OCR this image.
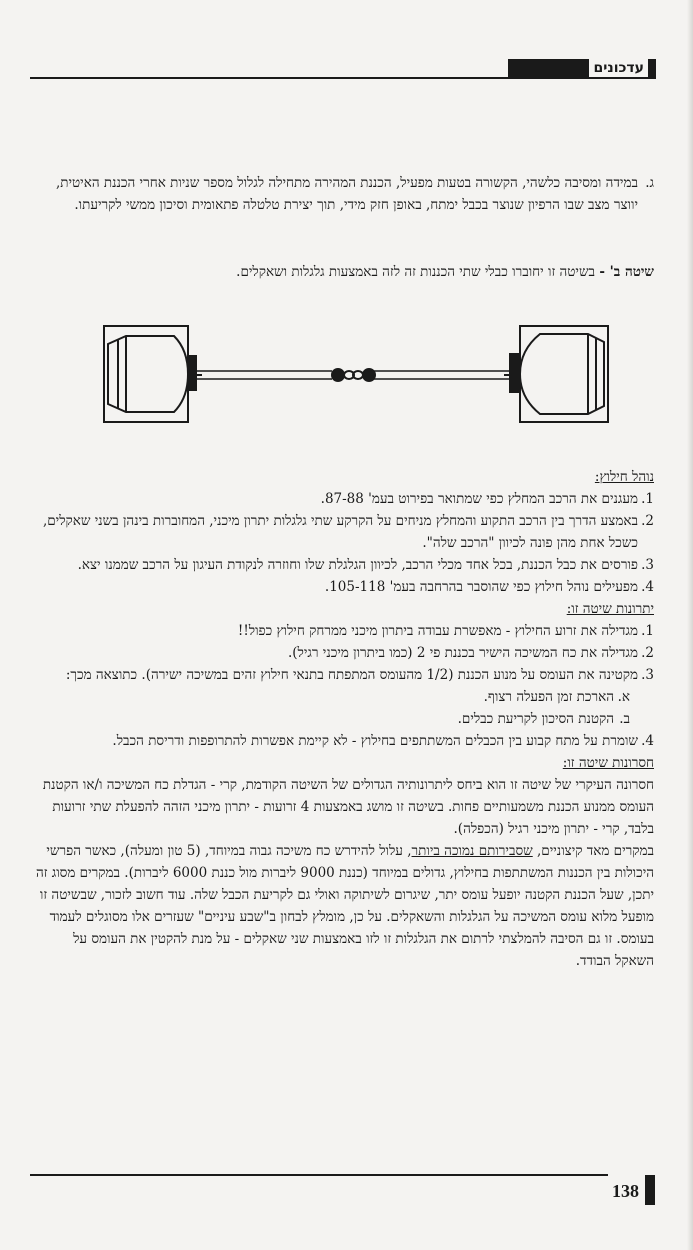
עדכונים
ג.
במידה ומסיבה כלשהי, הקשורה בטעות מפעיל, הכננת המהירה מתחילה לגלול מספר שניות אחרי הכננת האיטית, יווצר מצב שבו הרפיון שנוצר בכבל ימתח, באופן חזק מידי, תוך יצירת טלטלה פתאומית וסיכון ממשי לקריעתו.
שיטה ב' - בשיטה זו יחוברו כבלי שתי הכננות זה לזה באמצעות גלגלות ושאקלים.
נוהל חילוץ:
1.
מעגנים את הרכב המחלץ כפי שמתואר בפירוט בעמ' 87-88.
2.
באמצע הדרך בין הרכב התקוע והמחלץ מניחים על הקרקע שתי גלגלות יתרון מיכני, המחוברות בינהן בשני שאקלים, כשכל אחת מהן פונה לכיוון "הרכב שלה".
3.
פורסים את כבל הכננת, בכל אחד מכלי הרכב, לכיוון הגלגלת שלו וחוזרה לנקודת העיגון על הרכב שממנו יצא.
4.
מפעילים נוהל חילוץ כפי שהוסבר בהרחבה בעמ' 105-118.
יתרונות שיטה זו:
1.
מגדילה את זרוע החילוץ - מאפשרת עבודה ביתרון מיכני ממרחק חילוץ כפול!!
2.
מגדילה את כח המשיכה הישיר בכננת פי 2 (כמו ביתרון מיכני רגיל).
3.
מקטינה את העומס על מנוע הכננת (1/2 מהעומס המתפתח בתנאי חילוץ זהים במשיכה ישירה). כתוצאה מכך:
א.
הארכת זמן הפעלה רצוף.
ב.
הקטנת הסיכון לקריעת כבלים.
4.
שומרת על מתח קבוע בין הכבלים המשתתפים בחילוץ - לא קיימת אפשרות להתרופפות ודריסת הכבל.
חסרונות שיטה זו:
חסרונה העיקרי של שיטה זו הוא ביחס ליתרונותיה הגדולים של השיטה הקודמת, קרי - הגדלת כח המשיכה ו/או הקטנת העומס ממנוע הכננת משמעותיים פחות. בשיטה זו מושג באמצעות 4 זרועות - יתרון מיכני הזהה להפעלת שתי זרועות בלבד, קרי - יתרון מיכני רגיל (הכפלה).
במקרים מאד קיצוניים, שסבירותם נמוכה ביותר, עלול להידרש כח משיכה גבוה במיוחד, (5 טון ומעלה), כאשר הפרשי היכולות בין הכננות המשתתפות בחילוץ, גדולים במיוחד (כננת 9000 ליברות מול כננת 6000 ליברות). במקרים מסוג זה יתכן, שעל הכננת הקטנה יופעל עומס יתר, שיגרום לשיתוקה ואולי גם לקריעת הכבל שלה. עוד חשוב לזכור, שבשיטה זו מופעל מלוא עומס המשיכה על הגלגלות והשאקלים. על כן, מומלץ לבחון ב"שבע עיניים" שעזרים אלו מסוגלים לעמוד בעומס. זו גם הסיבה להמלצתי לרתום את הגלגלות זו לזו באמצעות שני שאקלים - על מנת להקטין את העומס על השאקל הבודד.
138
